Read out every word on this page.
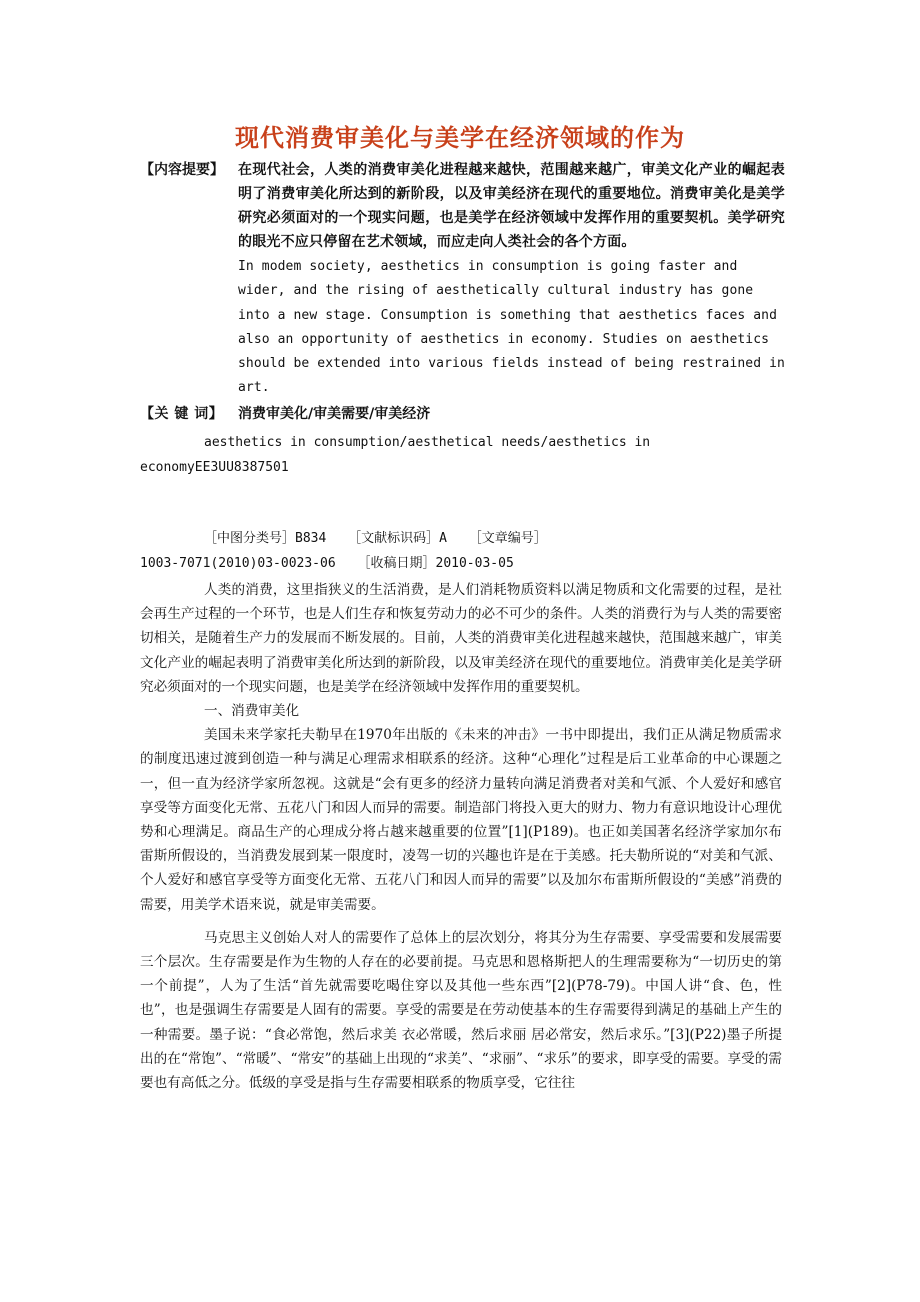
现代消费审美化与美学在经济领域的作为
【内容提要】	在现代社会，人类的消费审美化进程越来越快，范围越来越广，审美文化产业的崛起表明了消费审美化所达到的新阶段，以及审美经济在现代的重要地位。消费审美化是美学研究必须面对的一个现实问题，也是美学在经济领域中发挥作用的重要契机。美学研究的眼光不应只停留在艺术领域，而应走向人类社会的各个方面。
In modem society, aesthetics in consumption is going faster and wider, and the rising of aesthetically cultural industry has gone into a new stage. Consumption is something that aesthetics faces and also an opportunity of aesthetics in economy. Studies on aesthetics should be extended into various fields instead of being restrained in art.
【关 键 词】	消费审美化/审美需要/审美经济
aesthetics in consumption/aesthetical needs/aesthetics in economyEE3UU8387501
［中图分类号］B834 ［文献标识码］A ［文章编号］
1003-7071(2010)03-0023-06 ［收稿日期］2010-03-05

人类的消费，这里指狭义的生活消费，是人们消耗物质资料以满足物质和文化需要的过程，是社会再生产过程的一个环节，也是人们生存和恢复劳动力的必不可少的条件。人类的消费行为与人类的需要密切相关，是随着生产力的发展而不断发展的。目前，人类的消费审美化进程越来越快，范围越来越广，审美文化产业的崛起表明了消费审美化所达到的新阶段，以及审美经济在现代的重要地位。消费审美化是美学研究必须面对的一个现实问题，也是美学在经济领域中发挥作用的重要契机。

一、消费审美化

美国未来学家托夫勒早在1970年出版的《未来的冲击》一书中即提出，我们正从满足物质需求的制度迅速过渡到创造一种与满足心理需求相联系的经济。这种“心理化”过程是后工业革命的中心课题之一，但一直为经济学家所忽视。这就是“会有更多的经济力量转向满足消费者对美和气派、个人爱好和感官享受等方面变化无常、五花八门和因人而异的需要。制造部门将投入更大的财力、物力有意识地设计心理优势和心理满足。商品生产的心理成分将占越来越重要的位置”[1](P189)。也正如美国著名经济学家加尔布雷斯所假设的，当消费发展到某一限度时，凌驾一切的兴趣也许是在于美感。托夫勒所说的“对美和气派、个人爱好和感官享受等方面变化无常、五花八门和因人而异的需要”以及加尔布雷斯所假设的“美感”消费的需要，用美学术语来说，就是审美需要。

马克思主义创始人对人的需要作了总体上的层次划分，将其分为生存需要、享受需要和发展需要三个层次。生存需要是作为生物的人存在的必要前提。马克思和恩格斯把人的生理需要称为“一切历史的第一个前提”，人为了生活“首先就需要吃喝住穿以及其他一些东西”[2](P78-79)。中国人讲“食、色，性也”，也是强调生存需要是人固有的需要。享受的需要是在劳动使基本的生存需要得到满足的基础上产生的一种需要。墨子说：“食必常饱，然后求美 衣必常暖，然后求丽 居必常安，然后求乐。”[3](P22)墨子所提出的在“常饱”、“常暖”、“常安”的基础上出现的“求美”、“求丽”、“求乐”的要求，即享受的需要。享受的需要也有高低之分。低级的享受是指与生存需要相联系的物质享受，它往往
